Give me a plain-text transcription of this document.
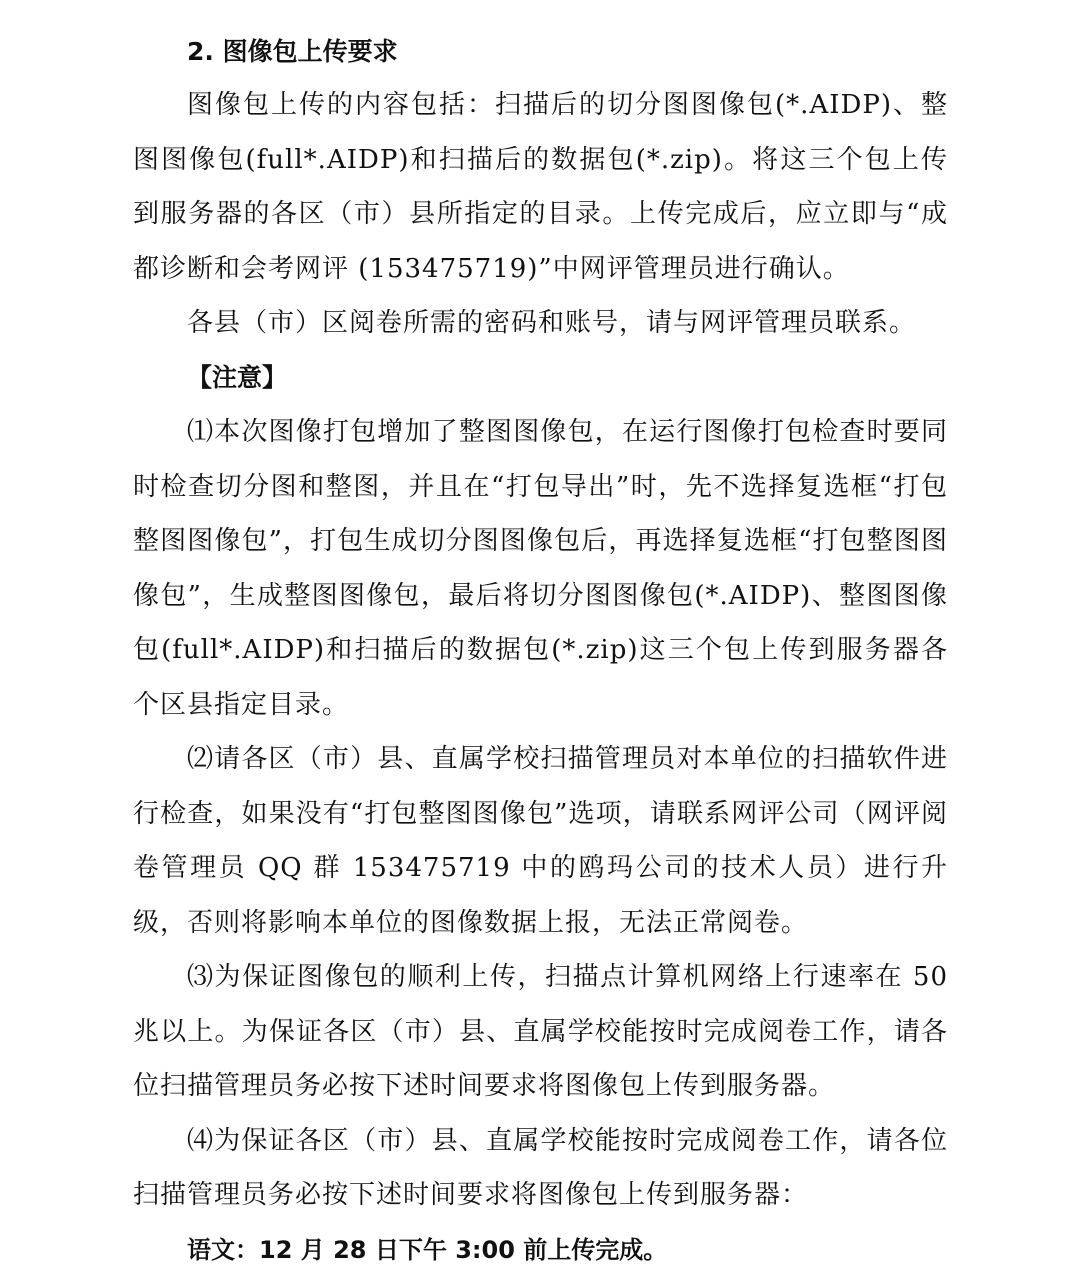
2. 图像包上传要求

图像包上传的内容包括：扫描后的切分图图像包(*.AIDP)、整图图像包(full*.AIDP)和扫描后的数据包(*.zip)。将这三个包上传到服务器的各区（市）县所指定的目录。上传完成后，应立即与“成都诊断和会考网评 (153475719)”中网评管理员进行确认。

各县（市）区阅卷所需的密码和账号，请与网评管理员联系。

【注意】

⑴本次图像打包增加了整图图像包，在运行图像打包检查时要同时检查切分图和整图，并且在“打包导出”时，先不选择复选框“打包整图图像包”，打包生成切分图图像包后，再选择复选框“打包整图图像包”，生成整图图像包，最后将切分图图像包(*.AIDP)、整图图像包(full*.AIDP)和扫描后的数据包(*.zip)这三个包上传到服务器各个区县指定目录。

⑵请各区（市）县、直属学校扫描管理员对本单位的扫描软件进行检查，如果没有“打包整图图像包”选项，请联系网评公司（网评阅卷管理员 QQ 群 153475719 中的鸥玛公司的技术人员）进行升级，否则将影响本单位的图像数据上报，无法正常阅卷。

⑶为保证图像包的顺利上传，扫描点计算机网络上行速率在 50 兆以上。为保证各区（市）县、直属学校能按时完成阅卷工作，请各位扫描管理员务必按下述时间要求将图像包上传到服务器。

⑷为保证各区（市）县、直属学校能按时完成阅卷工作，请各位扫描管理员务必按下述时间要求将图像包上传到服务器：

语文：12 月 28 日下午 3:00 前上传完成。
